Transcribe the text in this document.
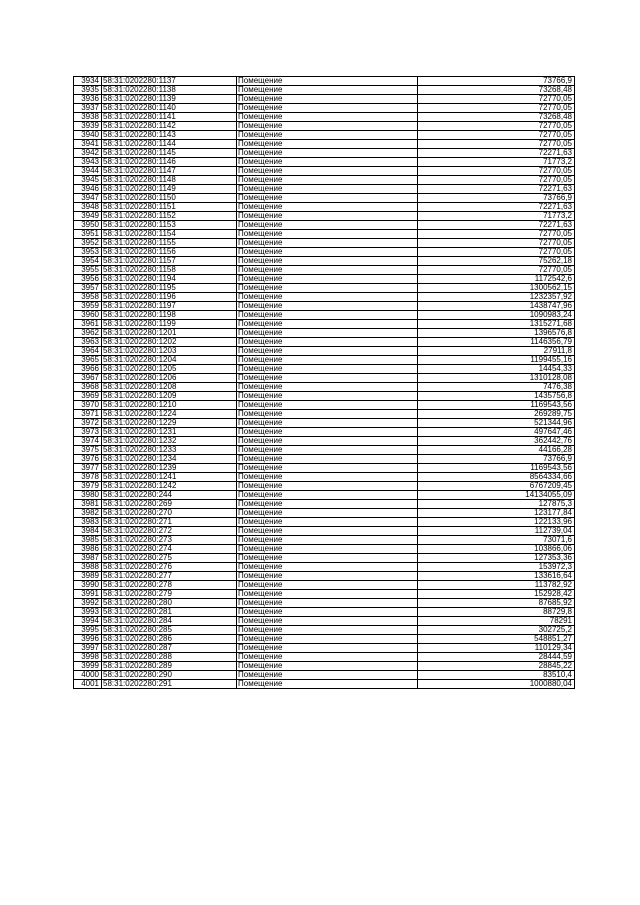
3934	58:31:0202280:1137	Помещение	73766,9
3935	58:31:0202280:1138	Помещение	73268,48
3936	58:31:0202280:1139	Помещение	72770,05
3937	58:31:0202280:1140	Помещение	72770,05
3938	58:31:0202280:1141	Помещение	73268,48
3939	58:31:0202280:1142	Помещение	72770,05
3940	58:31:0202280:1143	Помещение	72770,05
3941	58:31:0202280:1144	Помещение	72770,05
3942	58:31:0202280:1145	Помещение	72271,63
3943	58:31:0202280:1146	Помещение	71773,2
3944	58:31:0202280:1147	Помещение	72770,05
3945	58:31:0202280:1148	Помещение	72770,05
3946	58:31:0202280:1149	Помещение	72271,63
3947	58:31:0202280:1150	Помещение	73766,9
3948	58:31:0202280:1151	Помещение	72271,63
3949	58:31:0202280:1152	Помещение	71773,2
3950	58:31:0202280:1153	Помещение	72271,63
3951	58:31:0202280:1154	Помещение	72770,05
3952	58:31:0202280:1155	Помещение	72770,05
3953	58:31:0202280:1156	Помещение	72770,05
3954	58:31:0202280:1157	Помещение	75262,18
3955	58:31:0202280:1158	Помещение	72770,05
3956	58:31:0202280:1194	Помещение	1172542,6
3957	58:31:0202280:1195	Помещение	1300562,15
3958	58:31:0202280:1196	Помещение	1232357,92
3959	58:31:0202280:1197	Помещение	1438747,96
3960	58:31:0202280:1198	Помещение	1090983,24
3961	58:31:0202280:1199	Помещение	1315271,68
3962	58:31:0202280:1201	Помещение	1396576,8
3963	58:31:0202280:1202	Помещение	1146356,79
3964	58:31:0202280:1203	Помещение	27911,8
3965	58:31:0202280:1204	Помещение	1199455,16
3966	58:31:0202280:1205	Помещение	14454,33
3967	58:31:0202280:1206	Помещение	1310128,08
3968	58:31:0202280:1208	Помещение	7476,38
3969	58:31:0202280:1209	Помещение	1435756,8
3970	58:31:0202280:1210	Помещение	1169543,56
3971	58:31:0202280:1224	Помещение	269289,75
3972	58:31:0202280:1229	Помещение	521344,96
3973	58:31:0202280:1231	Помещение	497647,46
3974	58:31:0202280:1232	Помещение	362442,76
3975	58:31:0202280:1233	Помещение	44166,28
3976	58:31:0202280:1234	Помещение	73766,9
3977	58:31:0202280:1239	Помещение	1169543,56
3978	58:31:0202280:1241	Помещение	8564334,66
3979	58:31:0202280:1242	Помещение	6767209,45
3980	58:31:0202280:244	Помещение	14134055,09
3981	58:31:0202280:269	Помещение	127875,3
3982	58:31:0202280:270	Помещение	123177,84
3983	58:31:0202280:271	Помещение	122133,96
3984	58:31:0202280:272	Помещение	112739,04
3985	58:31:0202280:273	Помещение	73071,6
3986	58:31:0202280:274	Помещение	103866,06
3987	58:31:0202280:275	Помещение	127353,36
3988	58:31:0202280:276	Помещение	153972,3
3989	58:31:0202280:277	Помещение	133616,64
3990	58:31:0202280:278	Помещение	113782,92
3991	58:31:0202280:279	Помещение	152928,42
3992	58:31:0202280:280	Помещение	87685,92
3993	58:31:0202280:281	Помещение	88729,8
3994	58:31:0202280:284	Помещение	78291
3995	58:31:0202280:285	Помещение	302725,2
3996	58:31:0202280:286	Помещение	548851,27
3997	58:31:0202280:287	Помещение	110129,34
3998	58:31:0202280:288	Помещение	28444,59
3999	58:31:0202280:289	Помещение	28845,22
4000	58:31:0202280:290	Помещение	83510,4
4001	58:31:0202280:291	Помещение	1000880,04
